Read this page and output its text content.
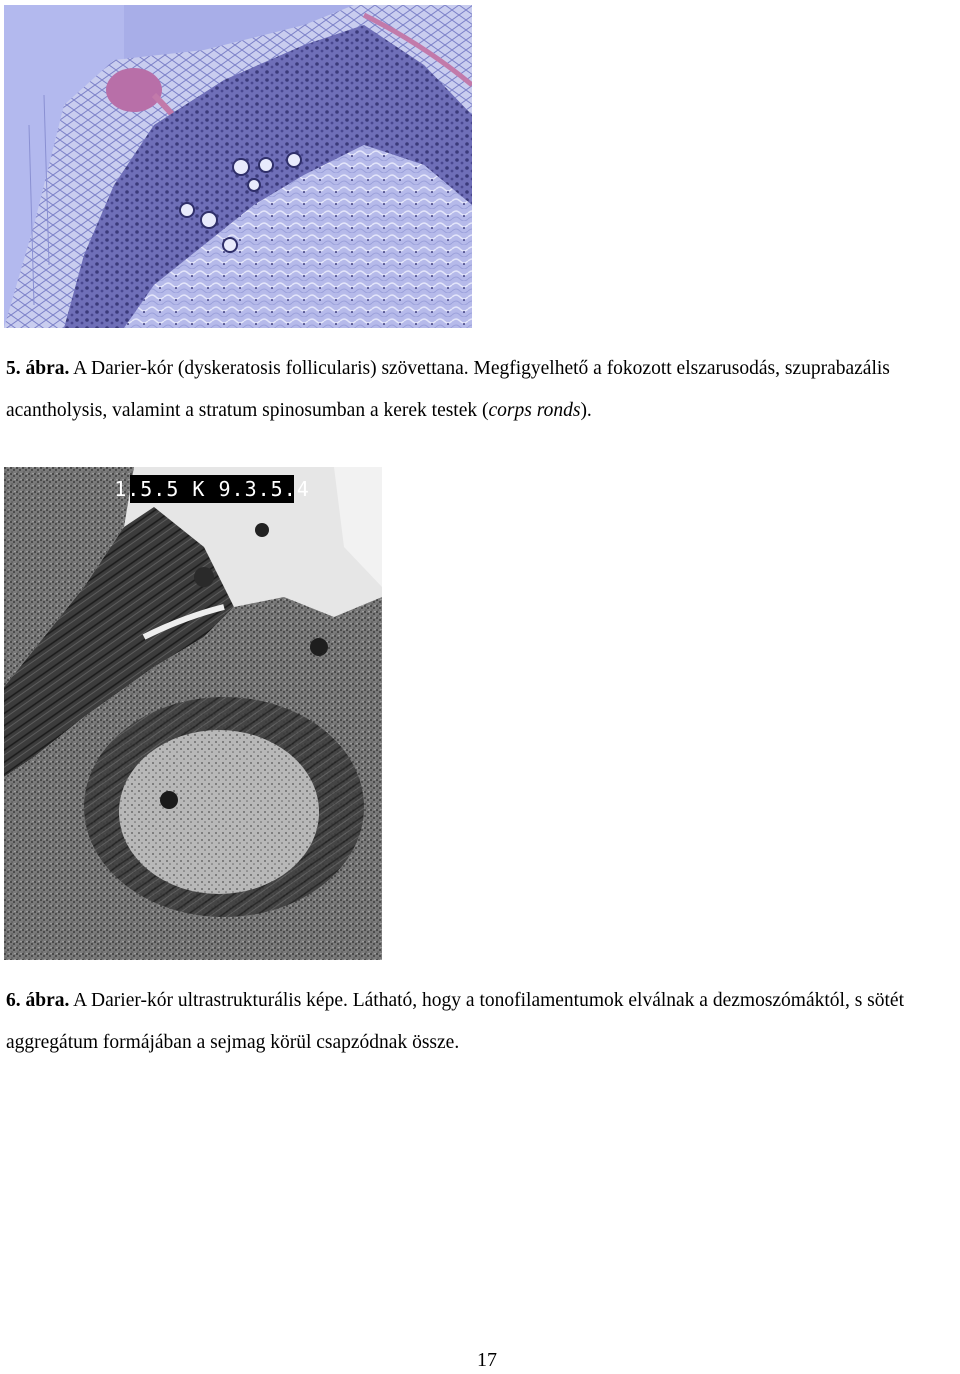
5. ábra. A Darier-kór (dyskeratosis follicularis) szövettana. Megfigyelhető a fokozott elszarusodás, szuprabazális acantholysis, valamint a stratum spinosumban a kerek testek (corps ronds).

1.5.5 K 9.3.5.4

6. ábra. A Darier-kór ultrastrukturális képe. Látható, hogy a tonofilamentumok elválnak a dezmoszómáktól, s sötét aggregátum formájában a sejmag körül csapzódnak össze.

17
